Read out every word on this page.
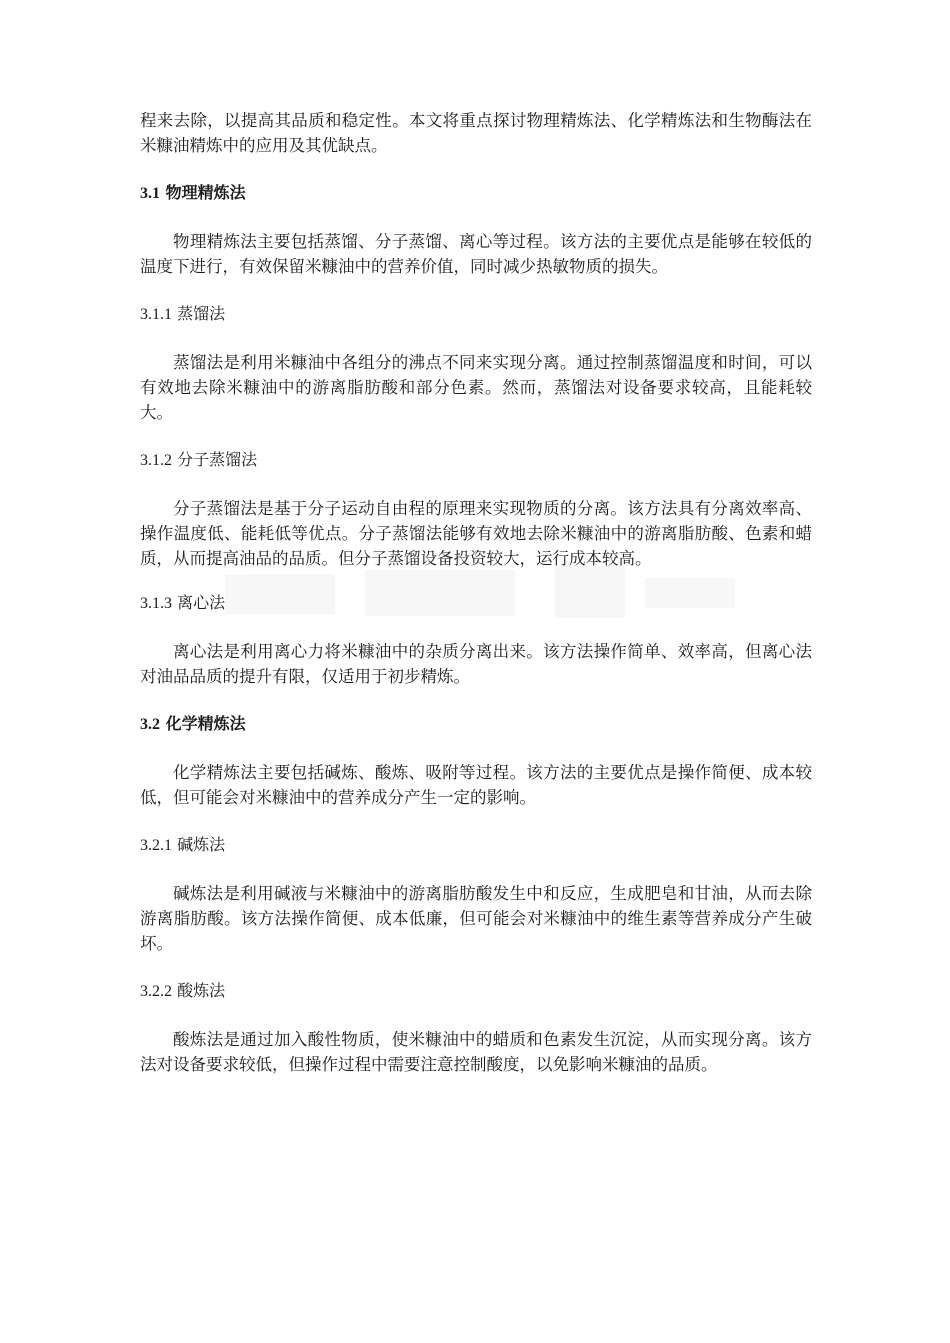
程来去除，以提高其品质和稳定性。本文将重点探讨物理精炼法、化学精炼法和生物酶法在米糠油精炼中的应用及其优缺点。

3.1 物理精炼法

物理精炼法主要包括蒸馏、分子蒸馏、离心等过程。该方法的主要优点是能够在较低的温度下进行，有效保留米糠油中的营养价值，同时减少热敏物质的损失。

3.1.1 蒸馏法

蒸馏法是利用米糠油中各组分的沸点不同来实现分离。通过控制蒸馏温度和时间，可以有效地去除米糠油中的游离脂肪酸和部分色素。然而，蒸馏法对设备要求较高，且能耗较大。

3.1.2 分子蒸馏法

分子蒸馏法是基于分子运动自由程的原理来实现物质的分离。该方法具有分离效率高、操作温度低、能耗低等优点。分子蒸馏法能够有效地去除米糠油中的游离脂肪酸、色素和蜡质，从而提高油品的品质。但分子蒸馏设备投资较大，运行成本较高。

3.1.3 离心法

离心法是利用离心力将米糠油中的杂质分离出来。该方法操作简单、效率高，但离心法对油品品质的提升有限，仅适用于初步精炼。

3.2 化学精炼法

化学精炼法主要包括碱炼、酸炼、吸附等过程。该方法的主要优点是操作简便、成本较低，但可能会对米糠油中的营养成分产生一定的影响。

3.2.1 碱炼法

碱炼法是利用碱液与米糠油中的游离脂肪酸发生中和反应，生成肥皂和甘油，从而去除游离脂肪酸。该方法操作简便、成本低廉，但可能会对米糠油中的维生素等营养成分产生破坏。

3.2.2 酸炼法

酸炼法是通过加入酸性物质，使米糠油中的蜡质和色素发生沉淀，从而实现分离。该方法对设备要求较低，但操作过程中需要注意控制酸度，以免影响米糠油的品质。
